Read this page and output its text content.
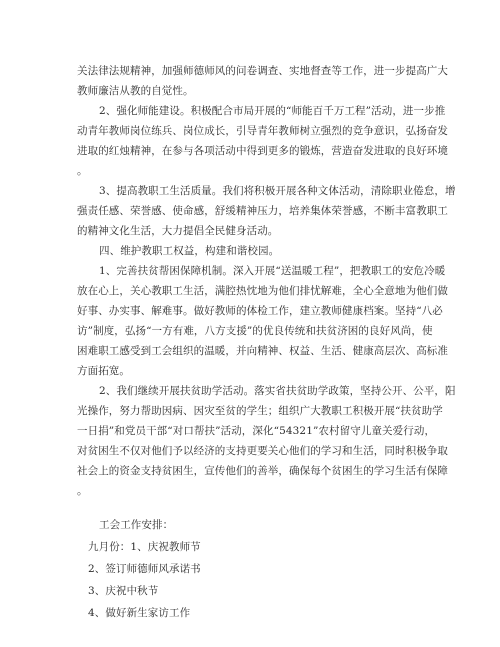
关法律法规精神，加强师德师风的问卷调查、实地督查等工作，进一步提高广大
教师廉洁从教的自觉性。
2、强化师能建设。积极配合市局开展的“师能百千万工程”活动，进一步推
动青年教师岗位练兵、岗位成长，引导青年教师树立强烈的竞争意识，弘扬奋发
进取的红烛精神，在参与各项活动中得到更多的锻炼，营造奋发进取的良好环境
。
3、提高教职工生活质量。我们将积极开展各种文体活动，清除职业倦怠，增
强责任感、荣誉感、使命感，舒缓精神压力，培养集体荣誉感，不断丰富教职工
的精神文化生活，大力提倡全民健身活动。
四、维护教职工权益，构建和谐校园。
1、完善扶贫帮困保障机制。深入开展“送温暖工程”，把教职工的安危冷暖
放在心上，关心教职工生活，满腔热忱地为他们排忧解难，全心全意地为他们做
好事、办实事、解难事。做好教师的体检工作，建立教师健康档案。坚持“八必
访”制度，弘扬“一方有难，八方支援”的优良传统和扶贫济困的良好风尚，使
困难职工感受到工会组织的温暖，并向精神、权益、生活、健康高层次、高标准
方面拓宽。
2、我们继续开展扶贫助学活动。落实省扶贫助学政策，坚持公开、公平，阳
光操作，努力帮助因病、因灾至贫的学生；组织广大教职工积极开展“扶贫助学
一日捐”和党员干部“对口帮扶”活动，深化“54321”农村留守儿童关爱行动，
对贫困生不仅对他们予以经济的支持更要关心他们的学习和生活，同时积极争取
社会上的资金支持贫困生，宣传他们的善举，确保每个贫困生的学习生活有保障
。
工会工作安排：
九月份：1、庆祝教师节
2、签订师德师风承诺书
3、庆祝中秋节
4、做好新生家访工作
